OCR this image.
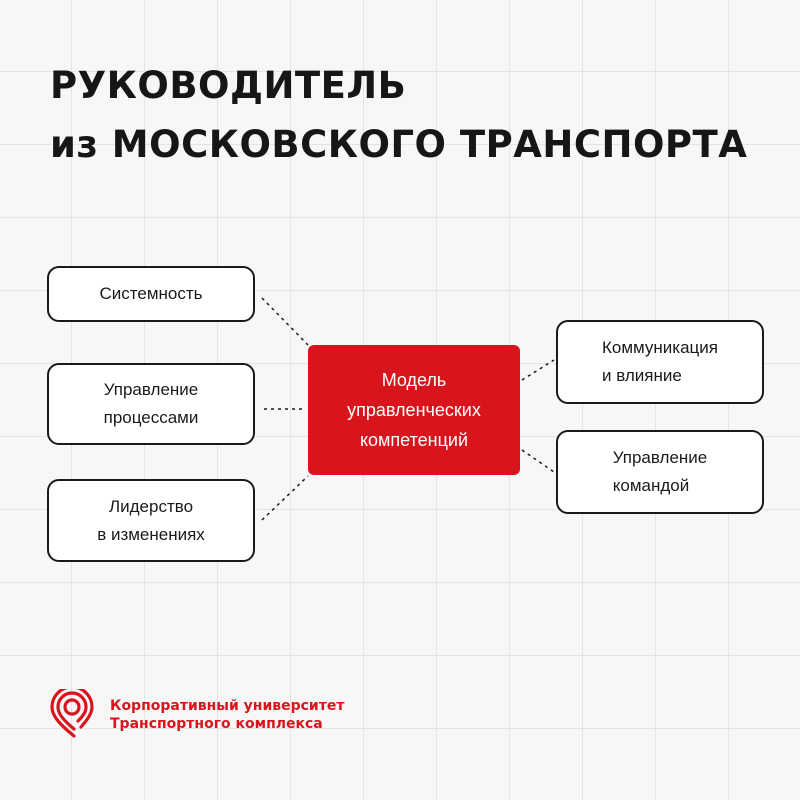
РУКОВОДИТЕЛЬ
из МОСКОВСКОГО ТРАНСПОРТА
Системность
Управление
процессами
Лидерство
в изменениях
Модель
управленческих
компетенций
Коммуникация
и влияние
Управление
командой
Корпоративный университет
Транспортного комплекса
